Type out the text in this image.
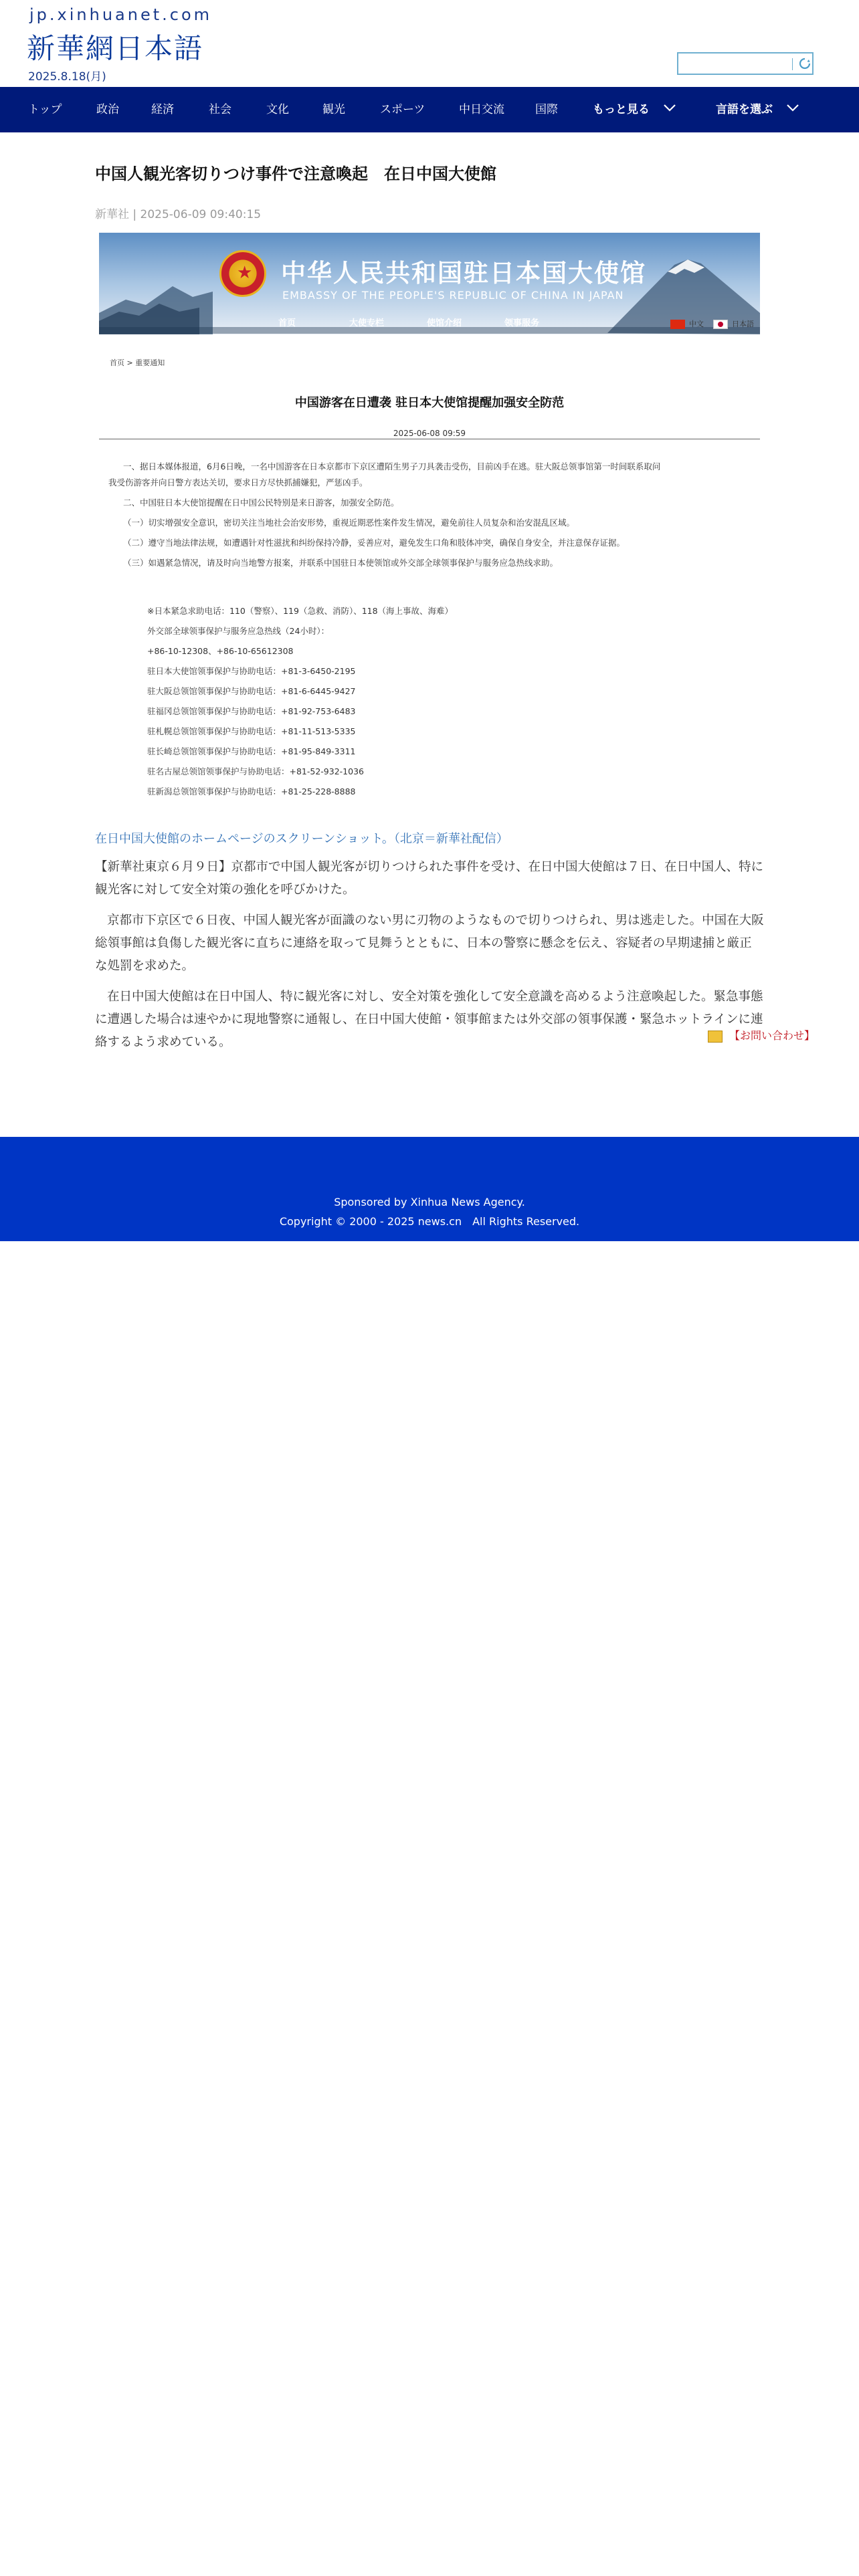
jp.xinhuanet.com
新華網日本語
2025.8.18(月)
トップ	政治	経済	社会	文化	観光	スポーツ	中日交流	国際	もっと見る	言語を選ぶ
中国人観光客切りつけ事件で注意喚起　在日中国大使館
新華社 | 2025-06-09 09:40:15
★ 中华人民共和国驻日本国大使馆
EMBASSY OF THE PEOPLE'S REPUBLIC OF CHINA IN JAPAN
首页	大使专栏	使馆介绍	领事服务	中文	日本語
首页 > 重要通知
中国游客在日遭袭 驻日本大使馆提醒加强安全防范
2025-06-08 09:59
一、据日本媒体报道，6月6日晚，一名中国游客在日本京都市下京区遭陌生男子刀具袭击受伤，目前凶手在逃。驻大阪总领事馆第一时间联系取问
我受伤游客并向日警方表达关切，要求日方尽快抓捕嫌犯，严惩凶手。
二、中国驻日本大使馆提醒在日中国公民特别是来日游客，加强安全防范。
（一）切实增强安全意识，密切关注当地社会治安形势，重视近期恶性案件发生情况，避免前往人员复杂和治安混乱区域。
（二）遵守当地法律法规，如遭遇针对性滋扰和纠纷保持冷静，妥善应对，避免发生口角和肢体冲突，确保自身安全，并注意保存证据。
（三）如遇紧急情况，请及时向当地警方报案，并联系中国驻日本使领馆或外交部全球领事保护与服务应急热线求助。
※日本紧急求助电话：110（警察）、119（急救、消防）、118（海上事故、海难）
外交部全球领事保护与服务应急热线（24小时）：
+86-10-12308、+86-10-65612308
驻日本大使馆领事保护与协助电话：+81-3-6450-2195
驻大阪总领馆领事保护与协助电话：+81-6-6445-9427
驻福冈总领馆领事保护与协助电话：+81-92-753-6483
驻札幌总领馆领事保护与协助电话：+81-11-513-5335
驻长崎总领馆领事保护与协助电话：+81-95-849-3311
驻名古屋总领馆领事保护与协助电话：+81-52-932-1036
驻新潟总领馆领事保护与协助电话：+81-25-228-8888
在日中国大使館のホームページのスクリーンショット。（北京＝新華社配信）
【新華社東京６月９日】京都市で中国人観光客が切りつけられた事件を受け、在日中国大使館は７日、在日中国人、特に観光客に対して安全対策の強化を呼びかけた。
京都市下京区で６日夜、中国人観光客が面識のない男に刃物のようなもので切りつけられ、男は逃走した。中国在大阪総領事館は負傷した観光客に直ちに連絡を取って見舞うとともに、日本の警察に懸念を伝え、容疑者の早期逮捕と厳正な処罰を求めた。
在日中国大使館は在日中国人、特に観光客に対し、安全対策を強化して安全意識を高めるよう注意喚起した。緊急事態に遭遇した場合は速やかに現地警察に通報し、在日中国大使館・領事館または外交部の領事保護・緊急ホットラインに連絡するよう求めている。	【お問い合わせ】
Sponsored by Xinhua News Agency.
Copyright © 2000 - 2025 news.cn　All Rights Reserved.
